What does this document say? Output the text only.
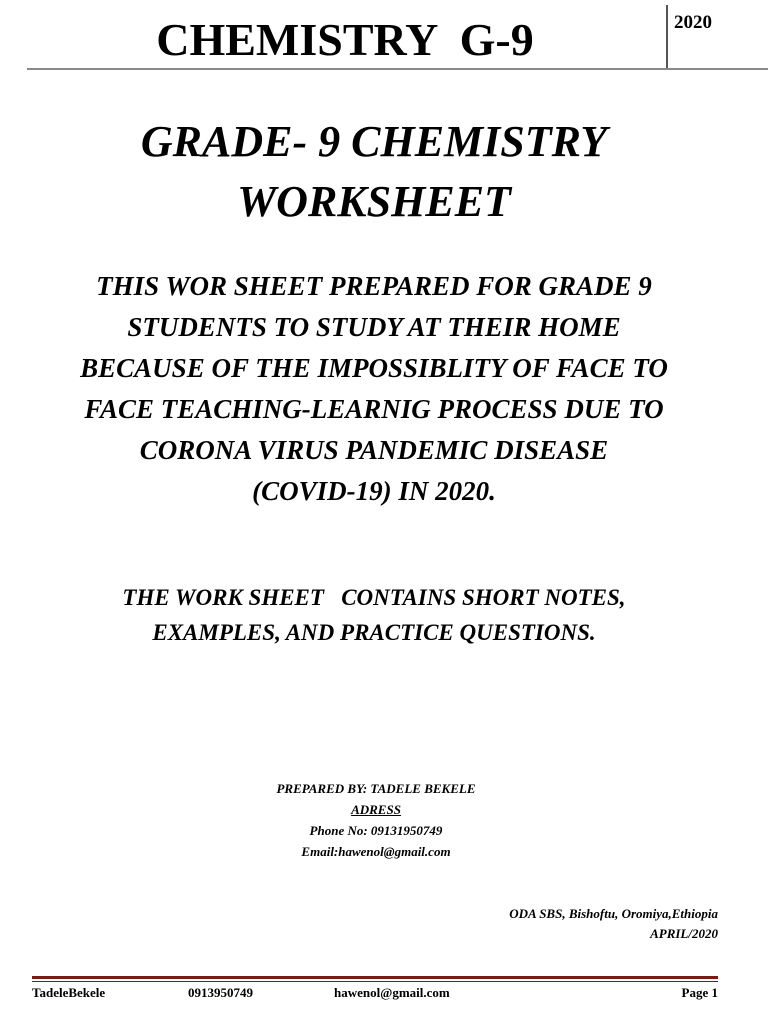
CHEMISTRY  G-9	2020
GRADE- 9 CHEMISTRY
WORKSHEET
THIS WOR SHEET PREPARED FOR GRADE 9
STUDENTS TO STUDY AT THEIR HOME
BECAUSE OF THE IMPOSSIBLITY OF FACE TO
FACE TEACHING-LEARNIG PROCESS DUE TO
CORONA VIRUS PANDEMIC DISEASE
(COVID-19) IN 2020.
THE WORK SHEET   CONTAINS SHORT NOTES,
EXAMPLES, AND PRACTICE QUESTIONS.
PREPARED BY: TADELE BEKELE
ADRESS
Phone No: 09131950749
Email:hawenol@gmail.com
ODA SBS, Bishoftu, Oromiya,Ethiopia
APRIL/2020
TadeleBekele	0913950749	hawenol@gmail.com	Page 1
